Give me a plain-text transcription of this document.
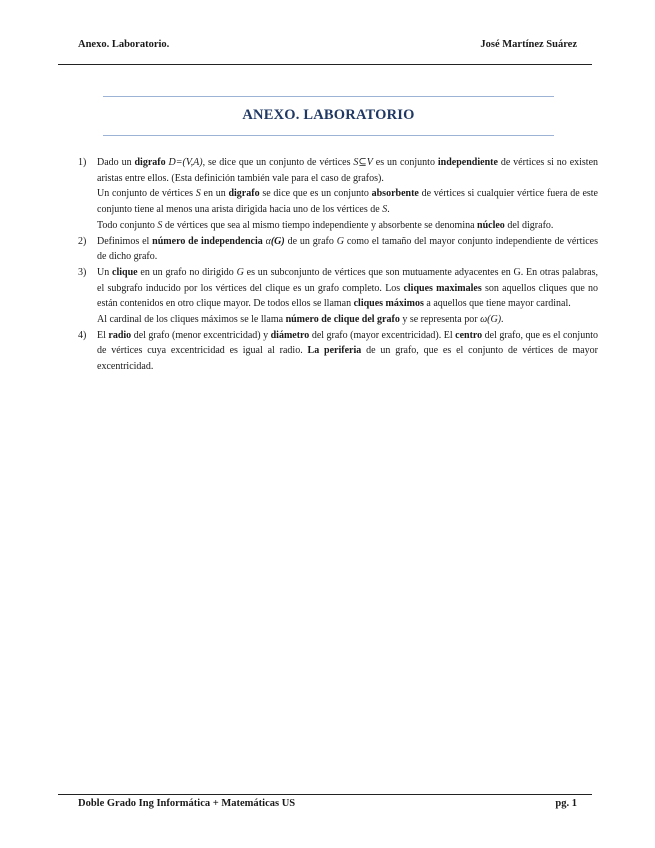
Anexo. Laboratorio.	José Martínez Suárez
ANEXO. LABORATORIO
1) Dado un digrafo D=(V,A), se dice que un conjunto de vértices S⊆V es un conjunto independiente de vértices si no existen aristas entre ellos. (Esta definición también vale para el caso de grafos).

Un conjunto de vértices S en un digrafo se dice que es un conjunto absorbente de vértices si cualquier vértice fuera de este conjunto tiene al menos una arista dirigida hacia uno de los vértices de S.

Todo conjunto S de vértices que sea al mismo tiempo independiente y absorbente se denomina núcleo del digrafo.

2) Definimos el número de independencia α(G) de un grafo G como el tamaño del mayor conjunto independiente de vértices de dicho grafo.

3) Un clique en un grafo no dirigido G es un subconjunto de vértices que son mutuamente adyacentes en G. En otras palabras, el subgrafo inducido por los vértices del clique es un grafo completo. Los cliques maximales son aquellos cliques que no están contenidos en otro clique mayor. De todos ellos se llaman cliques máximos a aquellos que tiene mayor cardinal.

Al cardinal de los cliques máximos se le llama número de clique del grafo y se representa por ω(G).

4) El radio del grafo (menor excentricidad) y diámetro del grafo (mayor excentricidad). El centro del grafo, que es el conjunto de vértices cuya excentricidad es igual al radio. La periferia de un grafo, que es el conjunto de vértices de mayor excentricidad.

Doble Grado Ing Informática + Matemáticas US	pg. 1
